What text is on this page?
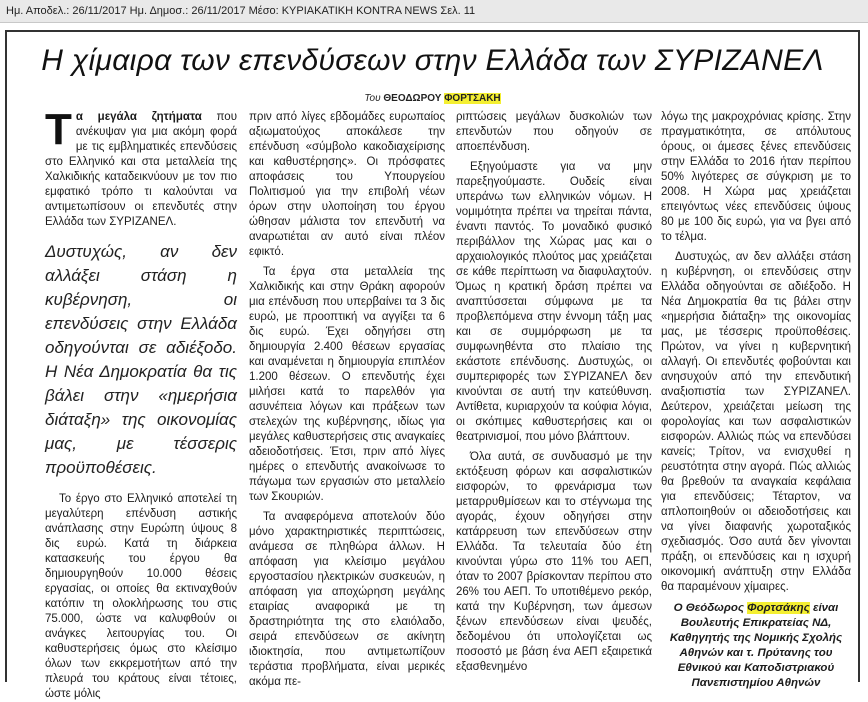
Ημ. Αποδελ.: 26/11/2017 Ημ. Δημοσ.: 26/11/2017 Μέσο: ΚΥΡΙΑΚΑΤΙΚΗ KONTRA NEWS Σελ. 11
Η χίμαιρα των επενδύσεων στην Ελλάδα των ΣΥΡΙΖΑΝΕΛ
Του ΘΕΟΔΩΡΟΥ ΦΟΡΤΣΑΚΗ

Τ α μεγάλα ζητήματα που ανέκυψαν για μια ακόμη φορά με τις εμβληματικές επενδύσεις στο Ελληνικό και στα μεταλλεία της Χαλκιδικής καταδεικνύουν με τον πιο εμφατικό τρόπο τι καλούνται να αντιμετωπίσουν οι επενδυτές στην Ελλάδα των ΣΥΡΙΖΑΝΕΛ.

Δυστυχώς, αν δεν αλλάξει στάση η κυβέρνηση, οι επενδύσεις στην Ελλάδα οδηγούνται σε αδιέξοδο. Η Νέα Δημοκρατία θα τις βάλει στην «ημερήσια διάταξη» της οικονομίας μας, με τέσσερις προϋποθέσεις.

Το έργο στο Ελληνικό αποτελεί τη μεγαλύτερη επένδυση αστικής ανάπλασης στην Ευρώπη ύψους 8 δις ευρώ. Κατά τη διάρκεια κατασκευής του έργου θα δημιουργηθούν 10.000 θέσεις εργασίας, οι οποίες θα εκτιναχθούν κατόπιν τη ολοκλήρωσης του στις 75.000, ώστε να καλυφθούν οι ανάγκες λειτουργίας του. Οι καθυστερήσεις όμως στο κλείσιμο όλων των εκκρεμοτήτων από την πλευρά του κράτους είναι τέτοιες, ώστε μόλις

πριν από λίγες εβδομάδες ευρωπαίος αξιωματούχος αποκάλεσε την επένδυση «σύμβολο κακοδιαχείρισης και καθυστέρησης». Οι πρόσφατες αποφάσεις του Υπουργείου Πολιτισμού για την επιβολή νέων όρων στην υλοποίηση του έργου ώθησαν μάλιστα τον επενδυτή να αναρωτιέται αν αυτό είναι πλέον εφικτό.

Τα έργα στα μεταλλεία της Χαλκιδικής και στην Θράκη αφορούν μια επένδυση που υπερβαίνει τα 3 δις ευρώ, με προοπτική να αγγίξει τα 6 δις ευρώ. Έχει οδηγήσει στη δημιουργία 2.400 θέσεων εργασίας και αναμένεται η δημιουργία επιπλέον 1.200 θέσεων. Ο επενδυτής έχει μιλήσει κατά το παρελθόν για ασυνέπεια λόγων και πράξεων των στελεχών της κυβέρνησης, ιδίως για μεγάλες καθυστερήσεις στις αναγκαίες αδειοδοτήσεις. Έτσι, πριν από λίγες ημέρες ο επενδυτής ανακοίνωσε το πάγωμα των εργασιών στο μεταλλείο των Σκουριών.

Τα αναφερόμενα αποτελούν δύο μόνο χαρακτηριστικές περιπτώσεις, ανάμεσα σε πληθώρα άλλων. Η απόφαση για κλείσιμο μεγάλου εργοστασίου ηλεκτρικών συσκευών, η απόφαση για αποχώρηση μεγάλης εταιρίας αναφορικά με τη δραστηριότητα της στο ελαιόλαδο, σειρά επενδύσεων σε ακίνητη ιδιοκτησία, που αντιμετωπίζουν τεράστια προβλήματα, είναι μερικές ακόμα πε-

ριπτώσεις μεγάλων δυσκολιών των επενδυτών που οδηγούν σε αποεπένδυση.

Εξηγούμαστε για να μην παρεξηγούμαστε. Ουδείς είναι υπεράνω των ελληνικών νόμων. Η νομιμότητα πρέπει να τηρείται πάντα, έναντι παντός. Το μοναδικό φυσικό περιβάλλον της Χώρας μας και ο αρχαιολογικός πλούτος μας χρειάζεται σε κάθε περίπτωση να διαφυλαχτούν. Όμως η κρατική δράση πρέπει να αναπτύσσεται σύμφωνα με τα προβλεπόμενα στην έννομη τάξη μας και σε συμμόρφωση με τα συμφωνηθέντα στο πλαίσιο της εκάστοτε επένδυσης. Δυστυχώς, οι συμπεριφορές των ΣΥΡΙΖΑΝΕΛ δεν κινούνται σε αυτή την κατεύθυνση. Αντίθετα, κυριαρχούν τα κούφια λόγια, οι σκόπιμες καθυστερήσεις και οι θεατρινισμοί, που μόνο βλάπτουν.

Όλα αυτά, σε συνδυασμό με την εκτόξευση φόρων και ασφαλιστικών εισφορών, το φρενάρισμα των μεταρρυθμίσεων και το στέγνωμα της αγοράς, έχουν οδηγήσει στην κατάρρευση των επενδύσεων στην Ελλάδα. Τα τελευταία δύο έτη κινούνται γύρω στο 11% του ΑΕΠ, όταν το 2007 βρίσκονταν περίπου στο 26% του ΑΕΠ. Το υποτιθέμενο ρεκόρ, κατά την Κυβέρνηση, των άμεσων ξένων επενδύσεων είναι ψευδές, δεδομένου ότι υπολογίζεται ως ποσοστό με βάση ένα ΑΕΠ εξαιρετικά εξασθενημένο

λόγω της μακροχρόνιας κρίσης. Στην πραγματικότητα, σε απόλυτους όρους, οι άμεσες ξένες επενδύσεις στην Ελλάδα το 2016 ήταν περίπου 50% λιγότερες σε σύγκριση με το 2008. Η Χώρα μας χρειάζεται επειγόντως νέες επενδύσεις ύψους 80 με 100 δις ευρώ, για να βγει από το τέλμα.

Δυστυχώς, αν δεν αλλάξει στάση η κυβέρνηση, οι επενδύσεις στην Ελλάδα οδηγούνται σε αδιέξοδο. Η Νέα Δημοκρατία θα τις βάλει στην «ημερήσια διάταξη» της οικονομίας μας, με τέσσερις προϋποθέσεις. Πρώτον, να γίνει η κυβερνητική αλλαγή. Οι επενδυτές φοβούνται και ανησυχούν από την επενδυτική αναξιοπιστία των ΣΥΡΙΖΑΝΕΛ. Δεύτερον, χρειάζεται μείωση της φορολογίας και των ασφαλιστικών εισφορών. Αλλιώς πώς να επενδύσει κανείς; Τρίτον, να ενισχυθεί η ρευστότητα στην αγορά. Πώς αλλιώς θα βρεθούν τα αναγκαία κεφάλαια για επενδύσεις; Τέταρτον, να απλοποιηθούν οι αδειοδοτήσεις και να γίνει διαφανής χωροταξικός σχεδιασμός. Όσο αυτά δεν γίνονται πράξη, οι επενδύσεις και η ισχυρή οικονομική ανάπτυξη στην Ελλάδα θα παραμένουν χίμαιρες.

Ο Θεόδωρος Φορτσάκης είναι Βουλευτής Επικρατείας ΝΔ, Καθηγητής της Νομικής Σχολής Αθηνών και τ. Πρύτανης του Εθνικού και Καποδιστριακού Πανεπιστημίου Αθηνών
